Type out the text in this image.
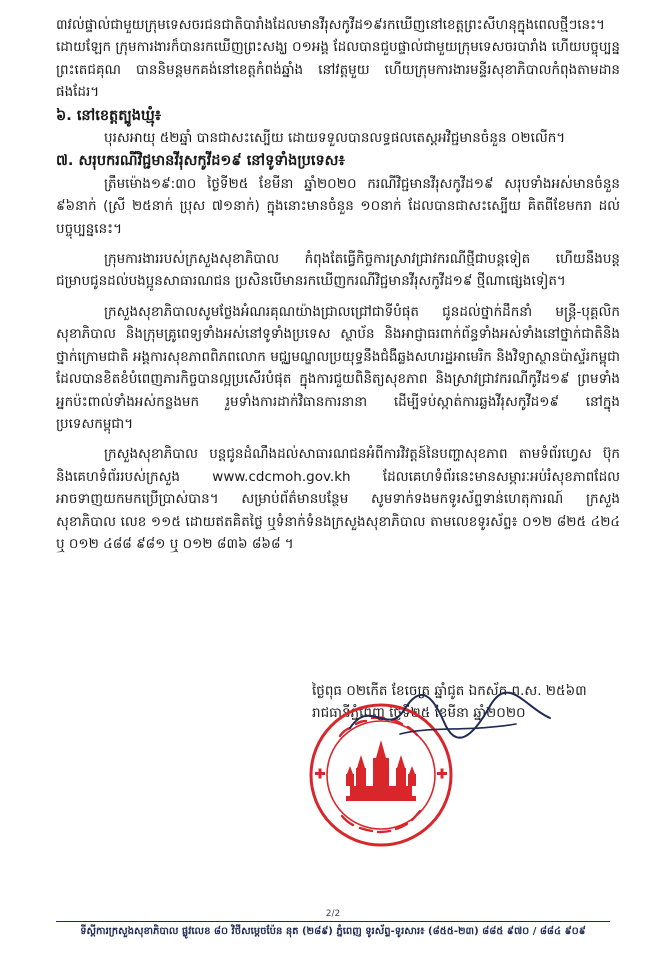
៣វល់ផ្ទាល់ជាមួយក្រុមទេសចរជនជាតិបារាំងដែលមានវីរុសកូវីដ១៩រកឃើញនៅខេត្តព្រះសីហនុក្នុងពេលថ្មីៗនេះ។ ដោយឡែក ក្រុមការងារក៏បានរកឃើញព្រះសង្ឃ ០១អង្គ ដែលបានជួបផ្ទាល់ជាមួយក្រុមទេសចរបារាំង ហើយបច្ចុប្បន្ន ព្រះតេជគុណ បាននិមន្តមកគង់នៅខេត្តកំពង់ឆ្នាំង នៅវត្តមួយ ហើយក្រុមការងារមន្ទីរសុខាភិបាលកំពុងតាមដានផងដែរ។

៦. នៅខេត្តត្បូងឃ្មុំ៖

បុរសអាយុ ៥២ឆ្នាំ បានជាសះស្បើយ ដោយទទួលបានលទ្ធផលតេស្តអវិជ្ជមានចំនួន ០២លើក។

៧. សរុបករណីវិជ្ជមានវីរុសកូវីដ១៩ នៅទូទាំងប្រទេស៖

ត្រឹមម៉ោង១៩:៣០ ថ្ងៃទី២៥ ខែមីនា ឆ្នាំ២០២០ ករណីវិជ្ជមានវីរុសកូវីដ១៩ សរុបទាំងអស់មានចំនួន ៩៦នាក់ (ស្រី ២៥នាក់ ប្រុស ៧១នាក់) ក្នុងនោះមានចំនួន ១០នាក់ ដែលបានជាសះស្បើយ គិតពីខែមករា ដល់បច្ចុប្បន្ននេះ។

ក្រុមការងាររបស់ក្រសួងសុខាភិបាល កំពុងតែធ្វើកិច្ចការស្រាវជ្រាវករណីថ្មីជាបន្តទៀត ហើយនឹងបន្តជម្រាបជូនដល់បងប្អូនសាធារណជន ប្រសិនបើមានរកឃើញករណីវិជ្ជមានវីរុសកូវីដ១៩ ថ្មីណាផ្សេងទៀត។

ក្រសួងសុខាភិបាលសូមថ្លែងអំណរគុណយ៉ាងជ្រាលជ្រៅជាទីបំផុត ជូនដល់ថ្នាក់ដឹកនាំ មន្ត្រី-បុគ្គលិកសុខាភិបាល និងក្រុមគ្រូពេទ្យទាំងអស់នៅទូទាំងប្រទេស ស្ថាប័ន និងអាជ្ញាធរពាក់ព័ន្ធទាំងអស់ទាំងនៅថ្នាក់ជាតិនិងថ្នាក់ក្រោមជាតិ អង្គការសុខភាពពិភពលោក មជ្ឈមណ្ឌលប្រយុទ្ធនឹងជំងឺឆ្លងសហរដ្ឋអាមេរិក និងវិទ្យាស្ថានប៉ាស្ទ័រកម្ពុជា ដែលបានខិតខំបំពេញភារកិច្ចបានល្អប្រសើរបំផុត ក្នុងការជួយពិនិត្យសុខភាព និងស្រាវជ្រាវករណីកូវីដ១៩ ព្រមទាំងអ្នកប៉ះពាល់ទាំងអស់កន្លងមក រួមទាំងការដាក់វិធានការនានា ដើម្បីទប់ស្កាត់ការឆ្លងវីរុសកូវីដ១៩ នៅក្នុងប្រទេសកម្ពុជា។

ក្រសួងសុខាភិបាល បន្តជូនដំណឹងដល់សាធារណជនអំពីការវិវត្តន៍នៃបញ្ហាសុខភាព តាមទំព័រហ្វេស ប៊ុក និងគេហទំព័ររបស់ក្រសួង www.cdcmoh.gov.kh ដែលគេហទំព័រនេះមានសម្ភារៈអប់រំសុខភាពដែលអាចទាញយកមកប្រើប្រាស់បាន។ សម្រាប់ព័ត៌មានបន្ថែម សូមទាក់ទងមកទូរស័ព្ទទាន់ហេតុការណ៍ ក្រសួងសុខាភិបាល លេខ ១១៥ ដោយឥតគិតថ្លៃ ឬទំនាក់ទំនងក្រសួងសុខាភិបាល តាមលេខទូរស័ព្ទ៖ ០១២ ៨២៥ ៤២៤ ឬ ០១២ ៤៨៨ ៩៨១ ឬ ០១២ ៨៣៦ ៨៦៨ ។

ថ្ងៃពុធ ០២កើត ខែចេត្រ ឆ្នាំជូត ឯកស័ក ព.ស. ២៥៦៣
រាជធានីភ្នំពេញ ថ្ងៃទី២៥ ខែមីនា ឆ្នាំ២០២០
2/2
ទីស្តីការក្រសួងសុខាភិបាល ផ្លូវលេខ ៨០ វិថីសម្តេចប៉ែន នុត (២៨៩) ភ្នំពេញ ទូរស័ព្ទ-ទូរសារ៖ (៨៥៥-២៣) ៨៨៥ ៩៧០ / ៨៨៤ ៩០៩
